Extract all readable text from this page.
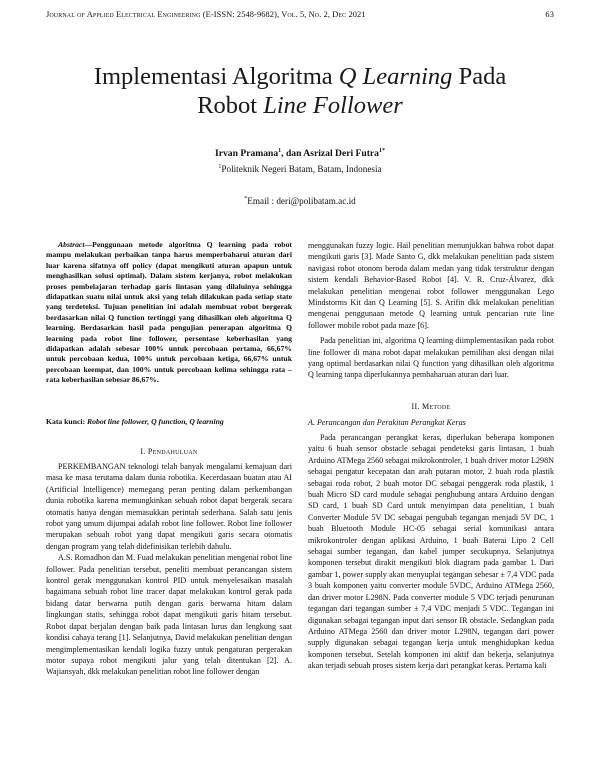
Journal of Applied Electrical Engineering (E-ISSN: 2548-9682), Vol. 5, No. 2, Dec 2021	63
Implementasi Algoritma Q Learning Pada
Robot Line Follower
Irvan Pramana$^1$, dan Asrizal Deri Futra$^{1*}$
$^1$Politeknik Negeri Batam, Batam, Indonesia
*Email : deri@polibatam.ac.id

Abstract—Penggunaan metode algoritma Q learning pada robot mampu melakukan perbaikan tanpa harus memperbaharui aturan dari luar karena sifatnya off policy (dapat mengikuti aturan apapun untuk menghasilkan solusi optimal). Dalam sistem kerjanya, robot melakukan proses pembelajaran terhadap garis lintasan yang dilaluinya sehingga didapatkan suatu nilai untuk aksi yang telah dilakukan pada setiap state yang terdeteksi. Tujuan penelitian ini adalah membuat robot bergerak berdasarkan nilai Q function tertinggi yang dihasilkan oleh algoritma Q learning. Berdasarkan hasil pada pengujian penerapan algoritma Q learning pada robot line follower, persentase keberhasilan yang didapatkan adalah sebesar 100% untuk percobaan pertama, 66,67% untuk percobaan kedua, 100% untuk percobaan ketiga, 66,67% untuk percobaan keempat, dan 100% untuk percobaan kelima sehingga rata – rata keberhasilan sebesar 86,67%.

Kata kunci: Robot line follower, Q function, Q learning
I. Pendahuluan

PERKEMBANGAN teknologi telah banyak mengalami kemajuan dari masa ke masa terutama dalam dunia robotika. Kecerdasaan buatan atau AI (Artificial Intelligence) memegang peran penting dalam perkembangan dunia robotika karena memungkinkan sebuah robot dapat bergerak secara otomatis hanya dengan memasukkan perintah sederhana. Salah satu jenis robot yang umum dijumpai adalah robot line follower. Robot line follower merupakan sebuah robot yang dapat mengikuti garis secara otomatis dengan program yang telah didefinisikan terlebih dahulu.

A.S. Romadhon dan M. Fuad melakukan penelitian mengenai robot line follower. Pada penelitian tersebut, peneliti membuat perancangan sistem kontrol gerak menggunakan kontrol PID untuk menyelesaikan masalah bagaimana sebuah robot line tracer dapat melakukan kontrol gerak pada bidang datar berwarna putih dengan garis berwarna hitam dalam lingkungan statis, sehingga robot dapat mengikuti garis hitam tersebut. Robot dapat berjalan dengan baik pada lintasan lurus dan lengkung saat kondisi cahaya terang [1]. Selanjutnya, David melakukan penelitian dengan mengimplementasikan kendali logika fuzzy untuk pengaturan pergerakan motor supaya robot mengikuti jalur yang telah ditentukan [2]. A. Wajiansyah, dkk melakukan penelitian robot line follower dengan

menggunakan fuzzy logic. Hail penelitian menunjukkan bahwa robot dapat mengikuti garis [3]. Made Santo G, dkk melakukan penelitian pada sistem navigasi robot otonom beroda dalam medan yang tidak terstruktur dengan sistem kendali Behavior-Based Robot [4]. V. R. Cruz-Álvarez, dkk melakukan penelitian mengenai robot follower menggunakan Lego Mindstorms Kit dan Q Learning [5]. S. Arifin dkk melakukan penelitian mengenai penggunaan metode Q learning untuk pencarian rute line follower mobile robot pada maze [6].

Pada penelitian ini, algoritma Q learning diimplementasikan pada robot line follower di mana robot dapat melakukan pemilihan aksi dengan nilai yang optimal berdasarkan nilai Q function yang dihasilkan oleh algoritma Q learning tanpa diperlukannya pembaharuan aturan dari luar.

II. Metode
A. Perancangan dan Perakitan Perangkat Keras

Pada perancangan perangkat keras, diperlukan beberapa komponen yaitu 6 buah sensor obstacle sebagai pendeteksi garis lintasan, 1 buah Arduino ATMega 2560 sebagai mikrokontroler, 1 buah driver motor L298N sebagai pengatur kecepatan dan arah putaran motor, 2 buah roda plastik sebagai roda robot, 2 buah motor DC sebagai penggerak roda plastik, 1 buah Micro SD card module sebagai penghubung antara Arduino dengan SD card, 1 buah SD Card untuk menyimpan data penelitian, 1 buah Converter Module 5V DC sebagai pengubah tegangan menjadi 5V DC, 1 buah Bluetooth Module HC-05 sebagai serial komunikasi antara mikrokontroler dengan aplikasi Arduino, 1 buah Baterai Lipo 2 Cell sebagai sumber tegangan, dan kabel jumper secukupnya. Selanjutnya komponen tersebut dirakit mengikuti blok diagram pada gambar 1. Dari gambar 1, power supply akan menyuplai tegangan sebesar ± 7,4 VDC pada 3 buah komponen yaitu converter module 5VDC, Arduino ATMega 2560, dan driver motor L298N. Pada converter module 5 VDC terjadi penurunan tegangan dari tegangan sumber ± 7,4 VDC menjadi 5 VDC. Tegangan ini digunakan sebagai tegangan input dari sensor IR obstacle. Sedangkan pada Arduino ATMega 2560 dan driver motor L298N, tegangan dari power supply digunakan sebagai tegangan kerja untuk menghidupkan kedua komponen tersebut. Setelah komponen ini aktif dan bekerja, selanjutnya akan terjadi sebuah proses sistem kerja dari perangkat keras. Pertama kali
